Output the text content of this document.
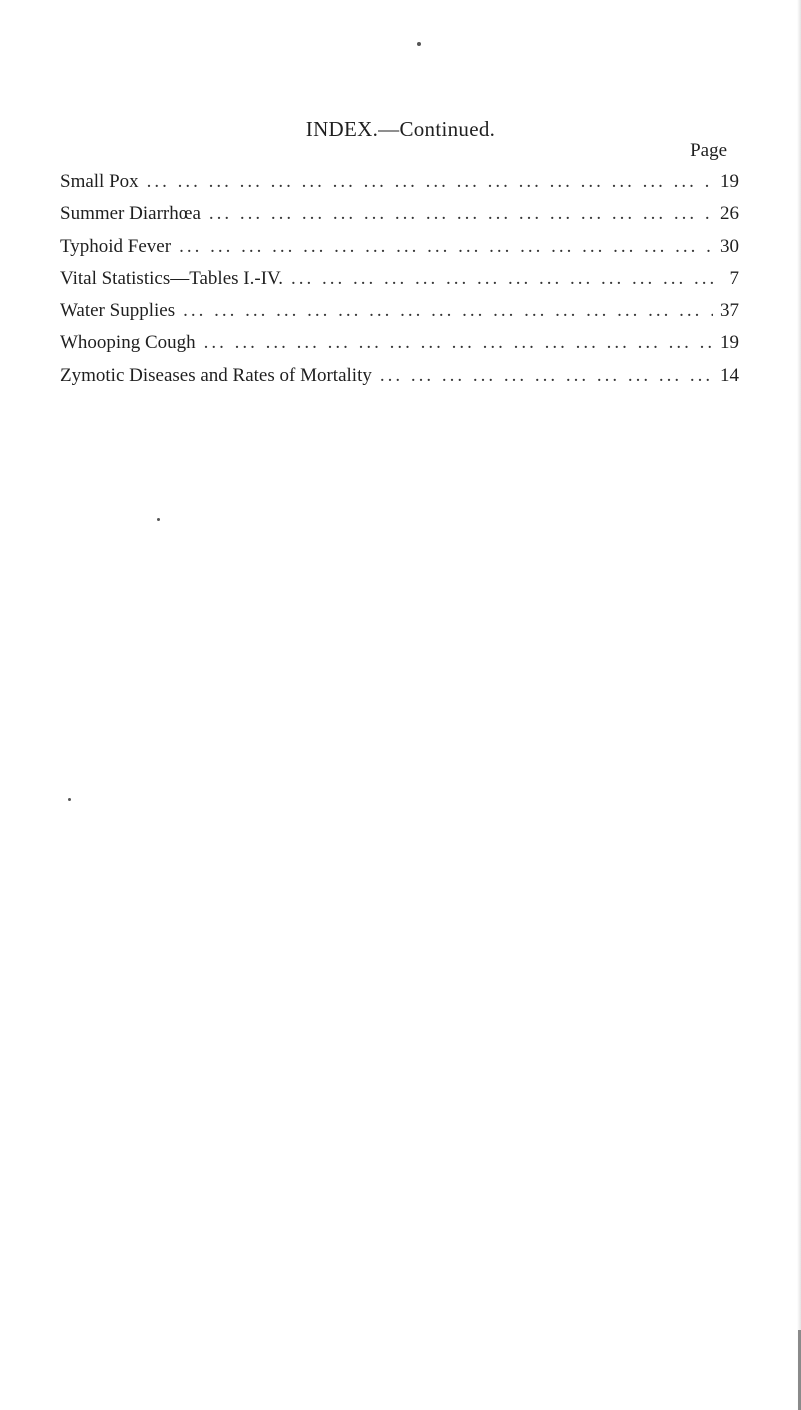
INDEX.—Continued.
Page
Small Pox ...	19
Summer Diarrhœa ...	26
Typhoid Fever ...	30
Vital Statistics—Tables I.-IV. ...	7
Water Supplies ...	37
Whooping Cough ...	19
Zymotic Diseases and Rates of Mortality ...	14
